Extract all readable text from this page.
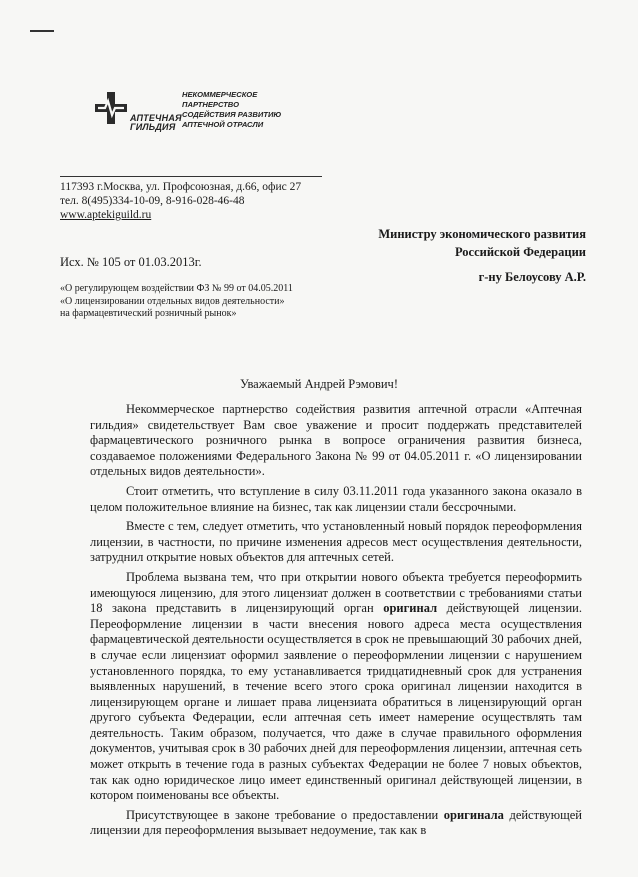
АПТЕЧНАЯ
ГИЛЬДИЯ
НЕКОММЕРЧЕСКОЕ
ПАРТНЕРСТВО
СОДЕЙСТВИЯ РАЗВИТИЮ
АПТЕЧНОЙ ОТРАСЛИ
117393 г.Москва, ул. Профсоюзная, д.66, офис 27
тел. 8(495)334-10-09, 8-916-028-46-48
www.aptekiguild.ru
Министру экономического развития
Российской Федерации
Исх. № 105 от 01.03.2013г.
г-ну Белоусову А.Р.
«О регулирующем воздействии ФЗ № 99 от 04.05.2011
«О лицензировании отдельных видов деятельности»
на фармацевтический розничный рынок»
Уважаемый Андрей Рэмович!

Некоммерческое партнерство содействия развития аптечной отрасли «Аптечная гильдия» свидетельствует Вам свое уважение и просит поддержать представителей фармацевтического розничного рынка в вопросе ограничения развития бизнеса, создаваемое положениями Федерального Закона № 99 от 04.05.2011 г. «О лицензировании отдельных видов деятельности».

Стоит отметить, что вступление в силу 03.11.2011 года указанного закона оказало в целом положительное влияние на бизнес, так как лицензии стали бессрочными.

Вместе с тем, следует отметить, что установленный новый порядок переоформления лицензии, в частности, по причине изменения адресов мест осуществления деятельности, затруднил открытие новых объектов для аптечных сетей.

Проблема вызвана тем, что при открытии нового объекта требуется переоформить имеющуюся лицензию, для этого лицензиат должен в соответствии с требованиями статьи 18 закона представить в лицензирующий орган оригинал действующей лицензии. Переоформление лицензии в части внесения нового адреса места осуществления фармацевтической деятельности осуществляется в срок не превышающий 30 рабочих дней, в случае если лицензиат оформил заявление о переоформлении лицензии с нарушением установленного порядка, то ему устанавливается тридцатидневный срок для устранения выявленных нарушений, в течение всего этого срока оригинал лицензии находится в лицензирующем органе и лишает права лицензиата обратиться в лицензирующий орган другого субъекта Федерации, если аптечная сеть имеет намерение осуществлять там деятельность. Таким образом, получается, что даже в случае правильного оформления документов, учитывая срок в 30 рабочих дней для переоформления лицензии, аптечная сеть может открыть в течение года в разных субъектах Федерации не более 7 новых объектов, так как одно юридическое лицо имеет единственный оригинал действующей лицензии, в котором поименованы все объекты.

Присутствующее в законе требование о предоставлении оригинала действующей лицензии для переоформления вызывает недоумение, так как в
